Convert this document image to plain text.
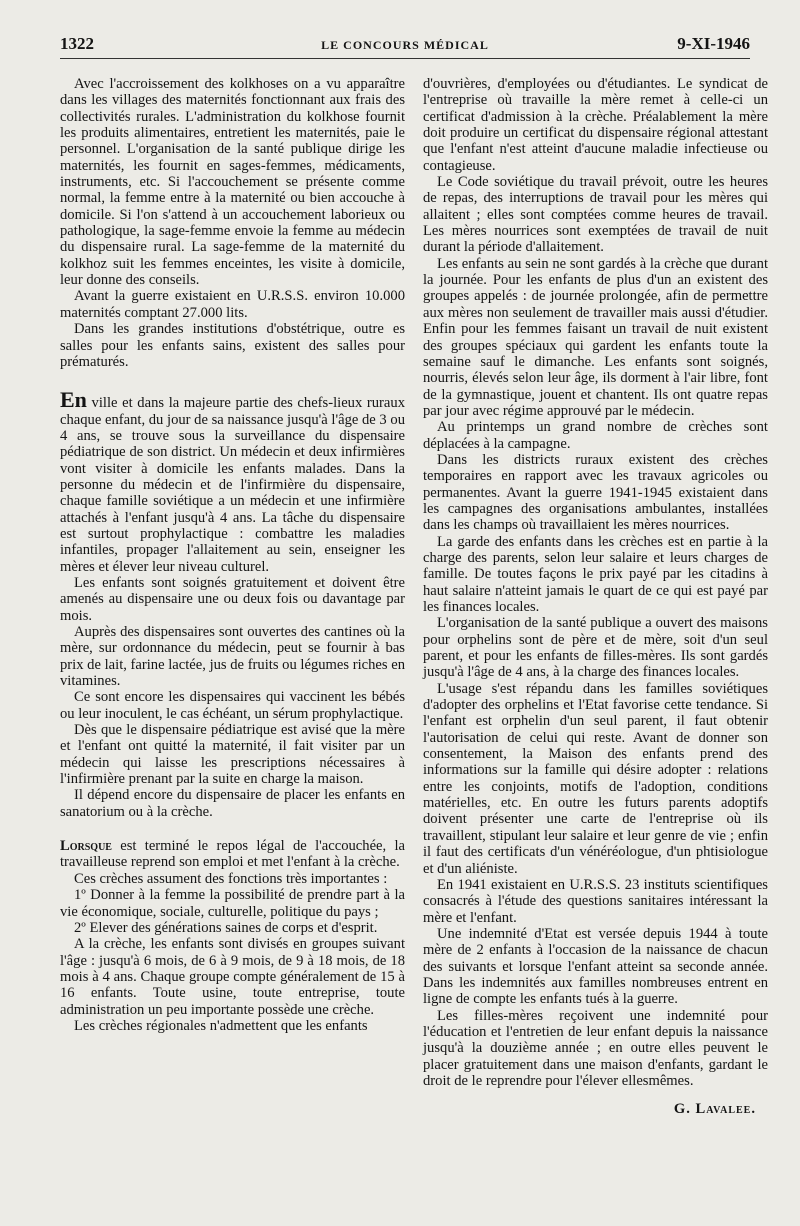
1322	LE CONCOURS MÉDICAL	9-XI-1946

Avec l'accroissement des kolkhoses on a vu apparaître dans les villages des maternités fonctionnant aux frais des collectivités rurales. L'administration du kolkhose fournit les produits alimentaires, entretient les maternités, paie le personnel. L'organisation de la santé publique dirige les maternités, les fournit en sages-femmes, médicaments, instruments, etc. Si l'accouchement se présente comme normal, la femme entre à la maternité ou bien accouche à domicile. Si l'on s'attend à un accouchement laborieux ou pathologique, la sage-femme envoie la femme au médecin du dispensaire rural. La sage-femme de la maternité du kolkhoz suit les femmes enceintes, les visite à domicile, leur donne des conseils.

Avant la guerre existaient en U.R.S.S. environ 10.000 maternités comptant 27.000 lits.

Dans les grandes institutions d'obstétrique, outre es salles pour les enfants sains, existent des salles pour prématurés.

En ville et dans la majeure partie des chefs-lieux ruraux chaque enfant, du jour de sa naissance jusqu'à l'âge de 3 ou 4 ans, se trouve sous la surveillance du dispensaire pédiatrique de son district. Un médecin et deux infirmières vont visiter à domicile les enfants malades. Dans la personne du médecin et de l'infirmière du dispensaire, chaque famille soviétique a un médecin et une infirmière attachés à l'enfant jusqu'à 4 ans. La tâche du dispensaire est surtout prophylactique : combattre les maladies infantiles, propager l'allaitement au sein, enseigner les mères et élever leur niveau culturel.

Les enfants sont soignés gratuitement et doivent être amenés au dispensaire une ou deux fois ou davantage par mois.

Auprès des dispensaires sont ouvertes des cantines où la mère, sur ordonnance du médecin, peut se fournir à bas prix de lait, farine lactée, jus de fruits ou légumes riches en vitamines.

Ce sont encore les dispensaires qui vaccinent les bébés ou leur inoculent, le cas échéant, un sérum prophylactique.

Dès que le dispensaire pédiatrique est avisé que la mère et l'enfant ont quitté la maternité, il fait visiter par un médecin qui laisse les prescriptions nécessaires à l'infirmière prenant par la suite en charge la maison.

Il dépend encore du dispensaire de placer les enfants en sanatorium ou à la crèche.

Lorsque est terminé le repos légal de l'accouchée, la travailleuse reprend son emploi et met l'enfant à la crèche.

Ces crèches assument des fonctions très importantes :

1º Donner à la femme la possibilité de prendre part à la vie économique, sociale, culturelle, politique du pays ;

2º Elever des générations saines de corps et d'esprit.

A la crèche, les enfants sont divisés en groupes suivant l'âge : jusqu'à 6 mois, de 6 à 9 mois, de 9 à 18 mois, de 18 mois à 4 ans. Chaque groupe compte généralement de 15 à 16 enfants. Toute usine, toute entreprise, toute administration un peu importante possède une crèche.

Les crèches régionales n'admettent que les enfants

d'ouvrières, d'employées ou d'étudiantes. Le syndicat de l'entreprise où travaille la mère remet à celle-ci un certificat d'admission à la crèche. Préalablement la mère doit produire un certificat du dispensaire régional attestant que l'enfant n'est atteint d'aucune maladie infectieuse ou contagieuse.

Le Code soviétique du travail prévoit, outre les heures de repas, des interruptions de travail pour les mères qui allaitent ; elles sont comptées comme heures de travail. Les mères nourrices sont exemptées de travail de nuit durant la période d'allaitement.

Les enfants au sein ne sont gardés à la crèche que durant la journée. Pour les enfants de plus d'un an existent des groupes appelés : de journée prolongée, afin de permettre aux mères non seulement de travailler mais aussi d'étudier. Enfin pour les femmes faisant un travail de nuit existent des groupes spéciaux qui gardent les enfants toute la semaine sauf le dimanche. Les enfants sont soignés, nourris, élevés selon leur âge, ils dorment à l'air libre, font de la gymnastique, jouent et chantent. Ils ont quatre repas par jour avec régime approuvé par le médecin.

Au printemps un grand nombre de crèches sont déplacées à la campagne.

Dans les districts ruraux existent des crèches temporaires en rapport avec les travaux agricoles ou permanentes. Avant la guerre 1941-1945 existaient dans les campagnes des organisations ambulantes, installées dans les champs où travaillaient les mères nourrices.

La garde des enfants dans les crèches est en partie à la charge des parents, selon leur salaire et leurs charges de famille. De toutes façons le prix payé par les citadins à haut salaire n'atteint jamais le quart de ce qui est payé par les finances locales.

L'organisation de la santé publique a ouvert des maisons pour orphelins sont de père et de mère, soit d'un seul parent, et pour les enfants de filles-mères. Ils sont gardés jusqu'à l'âge de 4 ans, à la charge des finances locales.

L'usage s'est répandu dans les familles soviétiques d'adopter des orphelins et l'Etat favorise cette tendance. Si l'enfant est orphelin d'un seul parent, il faut obtenir l'autorisation de celui qui reste. Avant de donner son consentement, la Maison des enfants prend des informations sur la famille qui désire adopter : relations entre les conjoints, motifs de l'adoption, conditions matérielles, etc. En outre les futurs parents adoptifs doivent présenter une carte de l'entreprise où ils travaillent, stipulant leur salaire et leur genre de vie ; enfin il faut des certificats d'un vénéréologue, d'un phtisiologue et d'un aliéniste.

En 1941 existaient en U.R.S.S. 23 instituts scientifiques consacrés à l'étude des questions sanitaires intéressant la mère et l'enfant.

Une indemnité d'Etat est versée depuis 1944 à toute mère de 2 enfants à l'occasion de la naissance de chacun des suivants et lorsque l'enfant atteint sa seconde année. Dans les indemnités aux familles nombreuses entrent en ligne de compte les enfants tués à la guerre.

Les filles-mères reçoivent une indemnité pour l'éducation et l'entretien de leur enfant depuis la naissance jusqu'à la douzième année ; en outre elles peuvent le placer gratuitement dans une maison d'enfants, gardant le droit de le reprendre pour l'élever ellesmêmes.

G. Lavalee.
